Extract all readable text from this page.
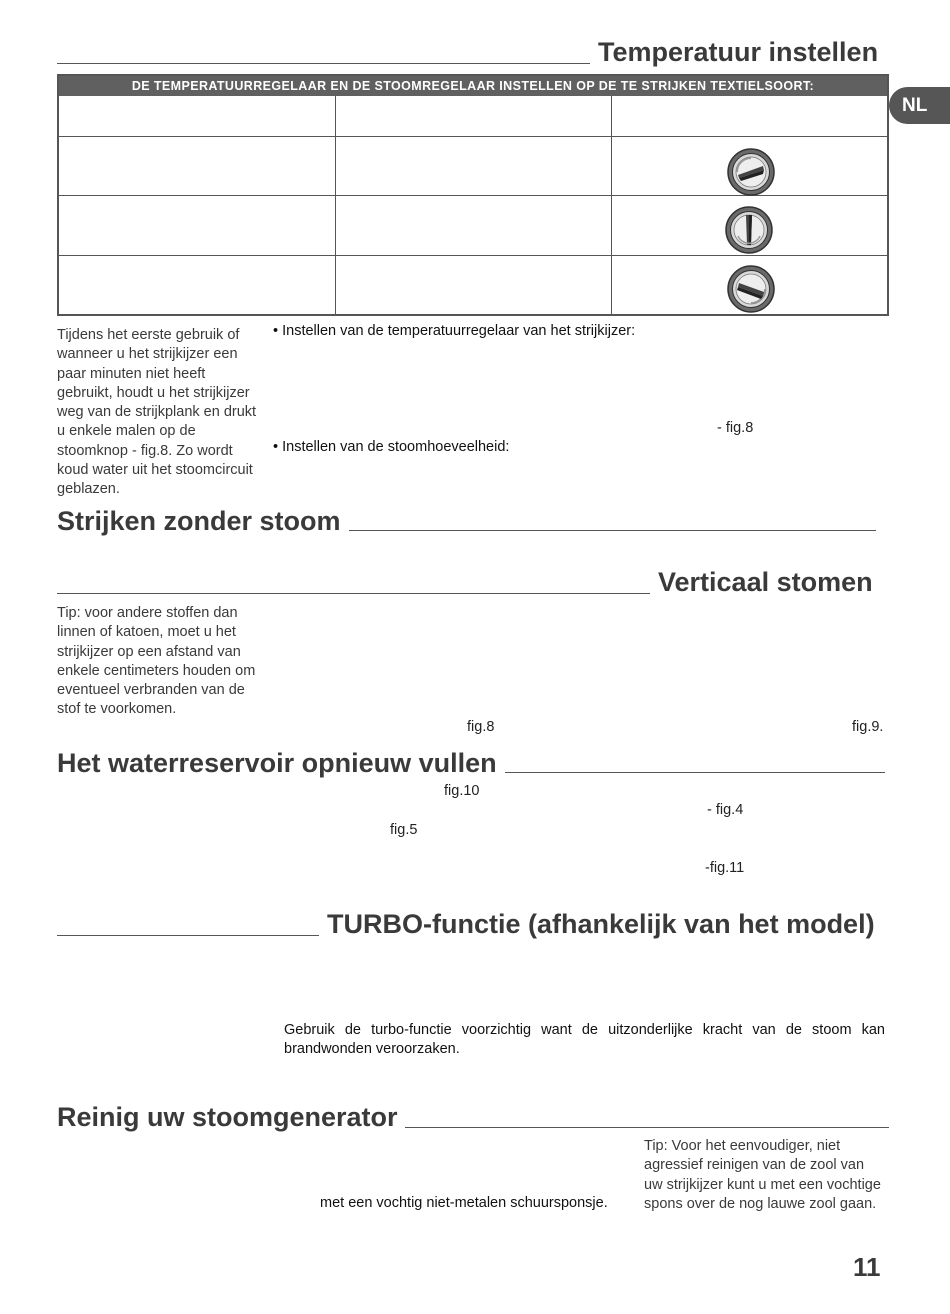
Temperatuur instellen
DE TEMPERATUURREGELAAR EN DE STOOMREGELAAR INSTELLEN OP DE TE STRIJKEN TEXTIELSOORT:
NL
Tijdens het eerste gebruik of wanneer u het strijkijzer een paar minuten niet heeft gebruikt, houdt u het strijkijzer weg van de strijkplank en drukt u enkele malen op de stoomknop - fig.8. Zo wordt koud water uit het stoomcircuit geblazen.
• Instellen van de temperatuurregelaar van het strijkijzer:
- fig.8
• Instellen van de stoomhoeveelheid:
Strijken zonder stoom
Verticaal stomen
Tip: voor andere stoffen dan linnen of katoen, moet u het strijkijzer op een afstand van enkele centimeters houden om eventueel verbranden van de stof te voorkomen.
fig.8	fig.9.
Het waterreservoir opnieuw vullen
fig.10
- fig.4
fig.5
-fig.11
TURBO-functie (afhankelijk van het model)
Gebruik de turbo-functie voorzichtig want de uitzonderlijke kracht van de stoom kan brandwonden veroorzaken.
Reinig uw stoomgenerator
met een vochtig niet-metalen schuursponsje.
Tip: Voor het eenvoudiger, niet agressief reinigen van de zool van uw strijkijzer kunt u met een vochtige spons over de nog lauwe zool gaan.
11
